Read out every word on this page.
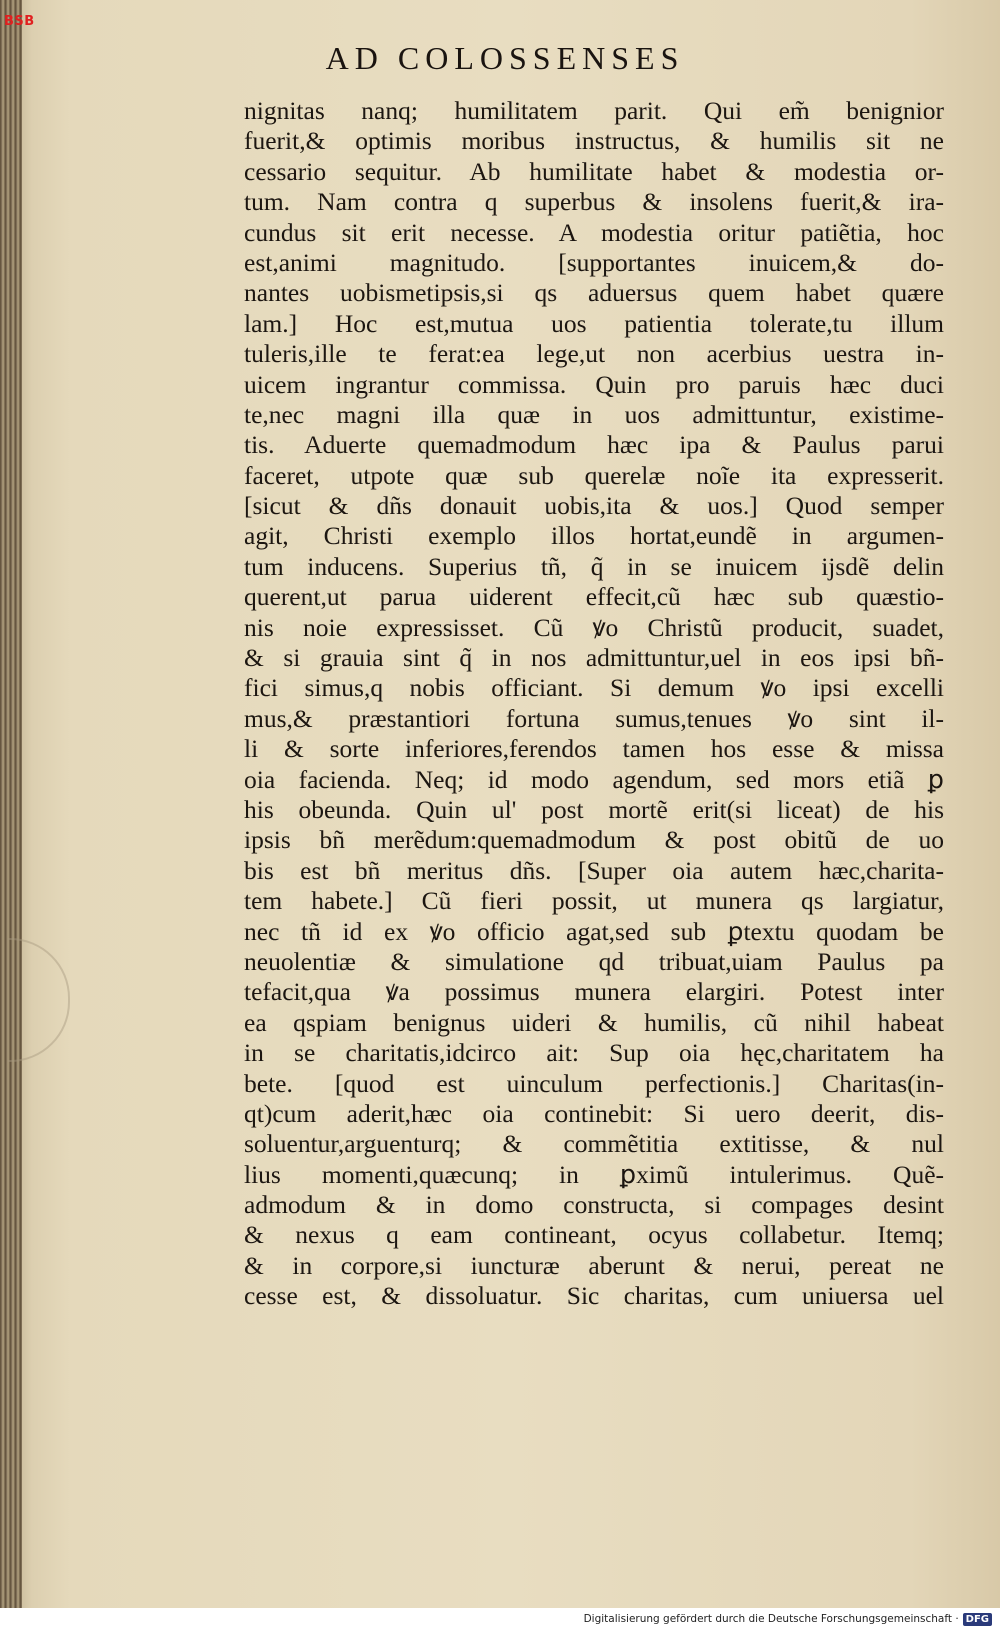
BSB
AD COLOSSENSES
nignitas nanq; humilitatem parit. Qui em̃ benignior
fuerit,& optimis moribus instructus, & humilis sit ne
cessario sequitur. Ab humilitate habet & modestia or-
tum. Nam contra q superbus & insolens fuerit,& ira-
cundus sit erit necesse. A modestia oritur patiẽtia, hoc
est,animi magnitudo. [supportantes inuicem,& do-
nantes uobismetipsis,si qs aduersus quem habet quære
lam.] Hoc est,mutua uos patientia tolerate,tu illum
tuleris,ille te ferat:ea lege,ut non acerbius uestra in-
uicem ingrantur commissa. Quin pro paruis hæc duci
te,nec magni illa quæ in uos admittuntur, existime-
tis. Aduerte quemadmodum hæc ipa & Paulus parui
faceret, utpote quæ sub querelæ noĩe ita expresserit.
[sicut & dñs donauit uobis,ita & uos.] Quod semper
agit, Christi exemplo illos hortat,eundẽ in argumen-
tum inducens. Superius tñ, q̃ in se inuicem ijsdẽ delin
querent,ut parua uiderent effecit,cũ hæc sub quæstio-
nis noie expressisset. Cũ ꝟo Christũ producit, suadet,
& si grauia sint q̃ in nos admittuntur,uel in eos ipsi bñ-
fici simus,q nobis officiant. Si demum ꝟo ipsi excelli
mus,& præstantiori fortuna sumus,tenues ꝟo sint il-
li & sorte inferiores,ferendos tamen hos esse & missa
oia facienda. Neq; id modo agendum, sed mors etiã ꝑ
his obeunda. Quin ul' post mortẽ erit(si liceat) de his
ipsis bñ merẽdum:quemadmodum & post obitũ de uo
bis est bñ meritus dñs. [Super oia autem hæc,charita-
tem habete.] Cũ fieri possit, ut munera qs largiatur,
nec tñ id ex ꝟo officio agat,sed sub ꝑtextu quodam be
neuolentiæ & simulatione qd tribuat,uiam Paulus pa
tefacit,qua ꝟa possimus munera elargiri. Potest inter
ea qspiam benignus uideri & humilis, cũ nihil habeat
in se charitatis,idcirco ait: Sup oia hęc,charitatem ha
bete. [quod est uinculum perfectionis.] Charitas(in-
qt)cum aderit,hæc oia continebit: Si uero deerit, dis-
soluentur,arguenturq; & commẽtitia extitisse, & nul
lius momenti,quæcunq; in ꝑximũ intulerimus. Quẽ-
admodum & in domo constructa, si compages desint
& nexus q eam contineant, ocyus collabetur. Itemq;
& in corpore,si iuncturæ aberunt & nerui, pereat ne
cesse est, & dissoluatur. Sic charitas, cum uniuersa uel
Digitalisierung gefördert durch die Deutsche Forschungsgemeinschaft · DFG
